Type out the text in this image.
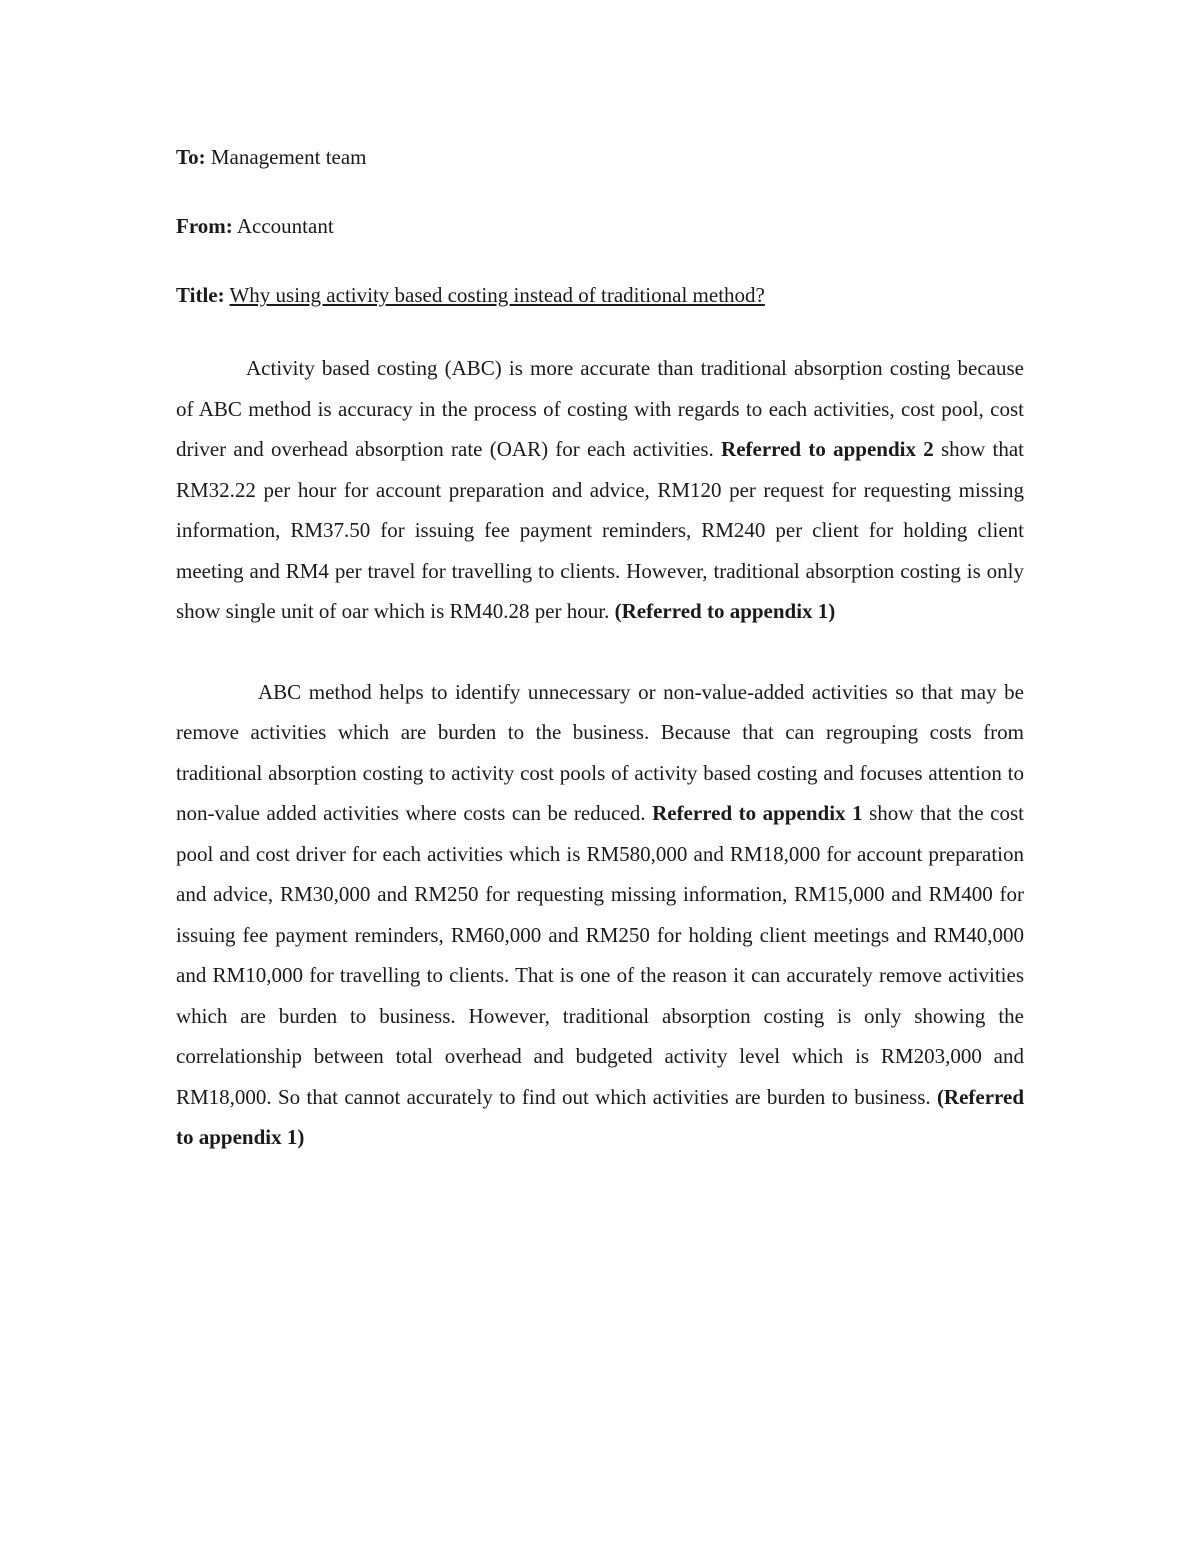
To: Management team
From: Accountant
Title: Why using activity based costing instead of traditional method?

Activity based costing (ABC) is more accurate than traditional absorption costing because of ABC method is accuracy in the process of costing with regards to each activities, cost pool, cost driver and overhead absorption rate (OAR) for each activities. Referred to appendix 2 show that RM32.22 per hour for account preparation and advice, RM120 per request for requesting missing information, RM37.50 for issuing fee payment reminders, RM240 per client for holding client meeting and RM4 per travel for travelling to clients. However, traditional absorption costing is only show single unit of oar which is RM40.28 per hour. (Referred to appendix 1)

ABC method helps to identify unnecessary or non-value-added activities so that may be remove activities which are burden to the business. Because that can regrouping costs from traditional absorption costing to activity cost pools of activity based costing and focuses attention to non-value added activities where costs can be reduced. Referred to appendix 1 show that the cost pool and cost driver for each activities which is RM580,000 and RM18,000 for account preparation and advice, RM30,000 and RM250 for requesting missing information, RM15,000 and RM400 for issuing fee payment reminders, RM60,000 and RM250 for holding client meetings and RM40,000 and RM10,000 for travelling to clients. That is one of the reason it can accurately remove activities which are burden to business. However, traditional absorption costing is only showing the correlationship between total overhead and budgeted activity level which is RM203,000 and RM18,000. So that cannot accurately to find out which activities are burden to business. (Referred to appendix 1)
